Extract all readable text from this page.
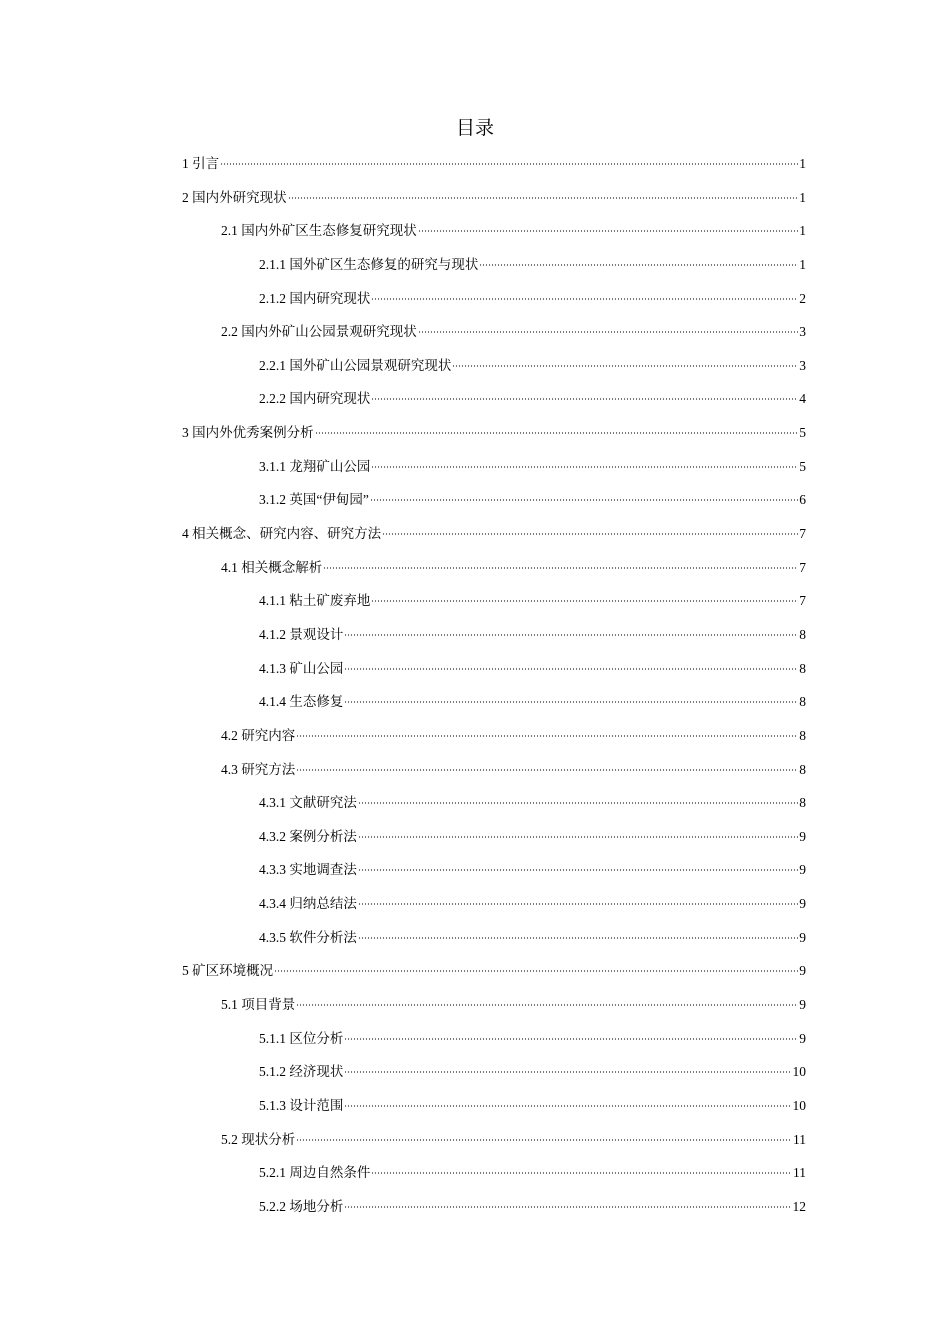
目录
1 引言	1
2 国内外研究现状	1
2.1 国内外矿区生态修复研究现状	1
2.1.1 国外矿区生态修复的研究与现状	1
2.1.2 国内研究现状	2
2.2 国内外矿山公园景观研究现状	3
2.2.1 国外矿山公园景观研究现状	3
2.2.2 国内研究现状	4
3 国内外优秀案例分析	5
3.1.1 龙翔矿山公园	5
3.1.2 英国“伊甸园”	6
4 相关概念、研究内容、研究方法	7
4.1 相关概念解析	7
4.1.1 粘土矿废弃地	7
4.1.2 景观设计	8
4.1.3 矿山公园	8
4.1.4 生态修复	8
4.2 研究内容	8
4.3 研究方法	8
4.3.1 文献研究法	8
4.3.2 案例分析法	9
4.3.3 实地调查法	9
4.3.4 归纳总结法	9
4.3.5 软件分析法	9
5 矿区环境概况	9
5.1 项目背景	9
5.1.1 区位分析	9
5.1.2 经济现状	10
5.1.3 设计范围	10
5.2 现状分析	11
5.2.1 周边自然条件	11
5.2.2 场地分析	12
